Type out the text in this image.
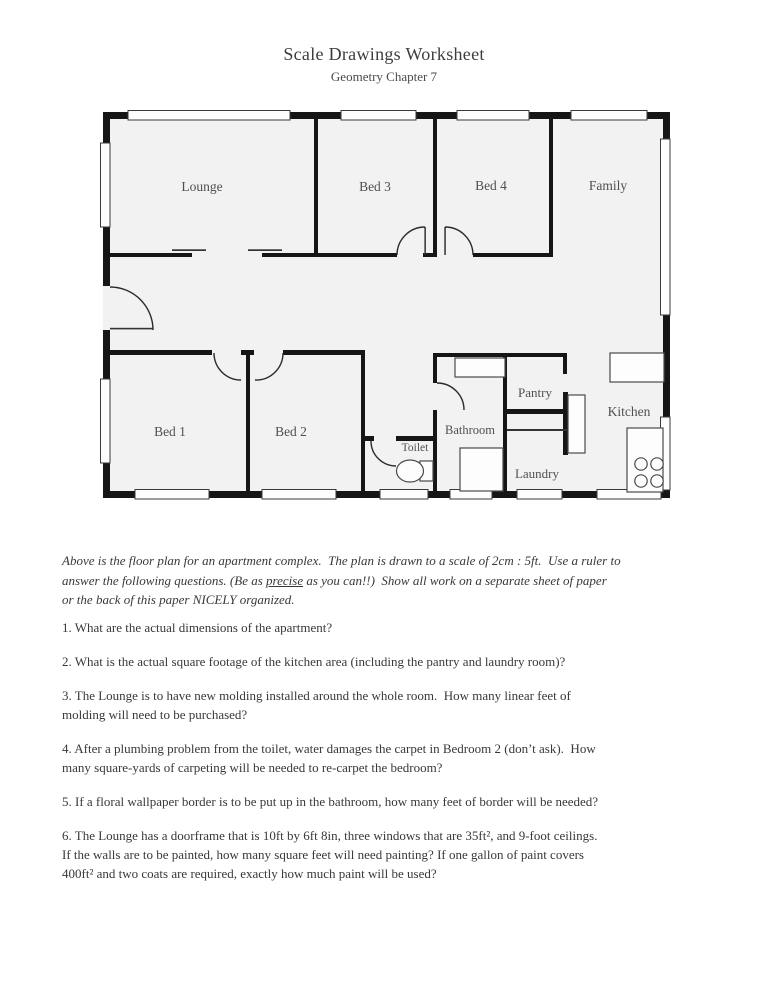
Scale Drawings Worksheet
Geometry Chapter 7
Lounge	Bed 3	Bed 4	Family
Bed 1	Bed 2
Toilet
Bathroom
Pantry
Laundry
Kitchen
Above is the floor plan for an apartment complex.  The plan is drawn to a scale of 2cm : 5ft.  Use a ruler to
answer the following questions. (Be as precise as you can!!)  Show all work on a separate sheet of paper
or the back of this paper NICELY organized.
1. What are the actual dimensions of the apartment?
2. What is the actual square footage of the kitchen area (including the pantry and laundry room)?
3. The Lounge is to have new molding installed around the whole room.  How many linear feet of
molding will need to be purchased?
4. After a plumbing problem from the toilet, water damages the carpet in Bedroom 2 (don’t ask).  How
many square-yards of carpeting will be needed to re-carpet the bedroom?
5. If a floral wallpaper border is to be put up in the bathroom, how many feet of border will be needed?
6. The Lounge has a doorframe that is 10ft by 6ft 8in, three windows that are 35ft², and 9-foot ceilings.
If the walls are to be painted, how many square feet will need painting? If one gallon of paint covers
400ft² and two coats are required, exactly how much paint will be used?
